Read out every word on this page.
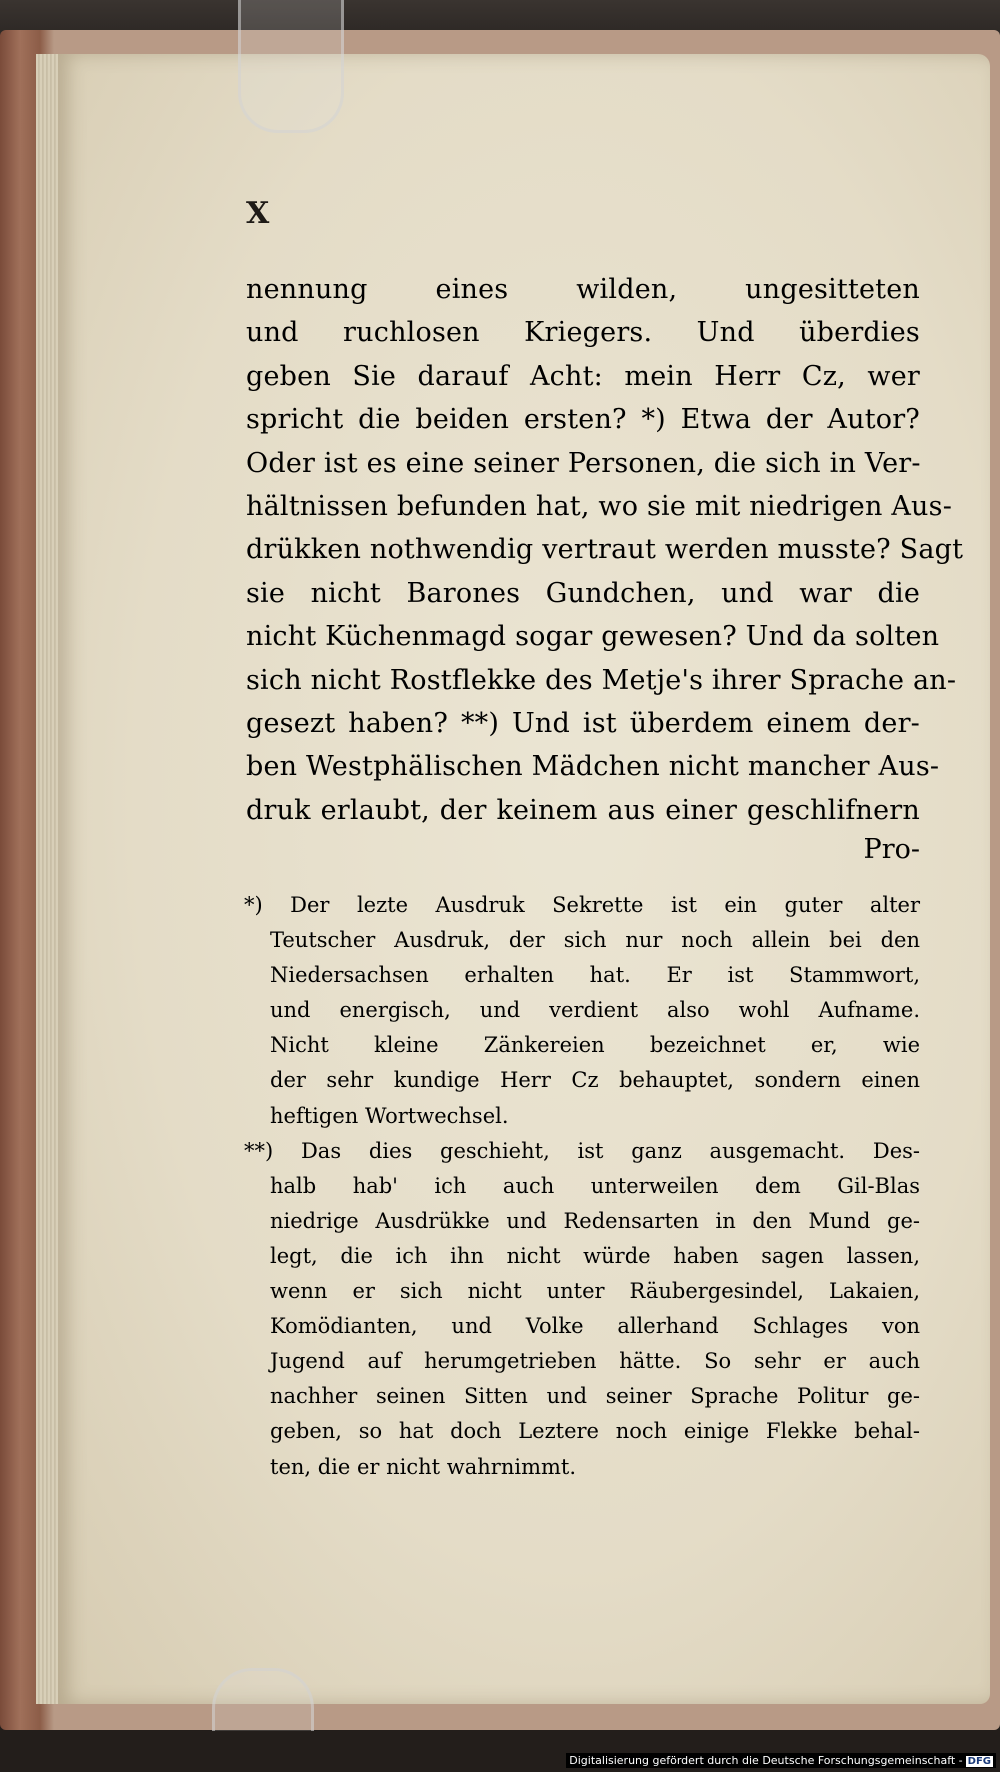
X
nennung eines wilden, ungesitteten
und ruchlosen Kriegers. Und überdies
geben Sie darauf Acht: mein Herr Cz, wer
spricht die beiden ersten? *) Etwa der Autor?
Oder ist es eine seiner Personen, die sich in Ver-
hältnissen befunden hat, wo sie mit niedrigen Aus-
drükken nothwendig vertraut werden musste? Sagt
sie nicht Barones Gundchen, und war die
nicht Küchenmagd sogar gewesen? Und da solten
sich nicht Rostflekke des Metje's ihrer Sprache an-
gesezt haben? **) Und ist überdem einem der-
ben Westphälischen Mädchen nicht mancher Aus-
druk erlaubt, der keinem aus einer geschlifnern
Pro-
*) Der lezte Ausdruk Sekrette ist ein guter alter
Teutscher Ausdruk, der sich nur noch allein bei den
Niedersachsen erhalten hat. Er ist Stammwort,
und energisch, und verdient also wohl Aufname.
Nicht kleine Zänkereien bezeichnet er, wie
der sehr kundige Herr Cz behauptet, sondern einen
heftigen Wortwechsel.
**) Das dies geschieht, ist ganz ausgemacht. Des-
halb hab' ich auch unterweilen dem Gil-Blas
niedrige Ausdrükke und Redensarten in den Mund ge-
legt, die ich ihn nicht würde haben sagen lassen,
wenn er sich nicht unter Räubergesindel, Lakaien,
Komödianten, und Volke allerhand Schlages von
Jugend auf herumgetrieben hätte. So sehr er auch
nachher seinen Sitten und seiner Sprache Politur ge-
geben, so hat doch Leztere noch einige Flekke behal-
ten, die er nicht wahrnimmt.
Digitalisierung gefördert durch die Deutsche Forschungsgemeinschaft - DFG
